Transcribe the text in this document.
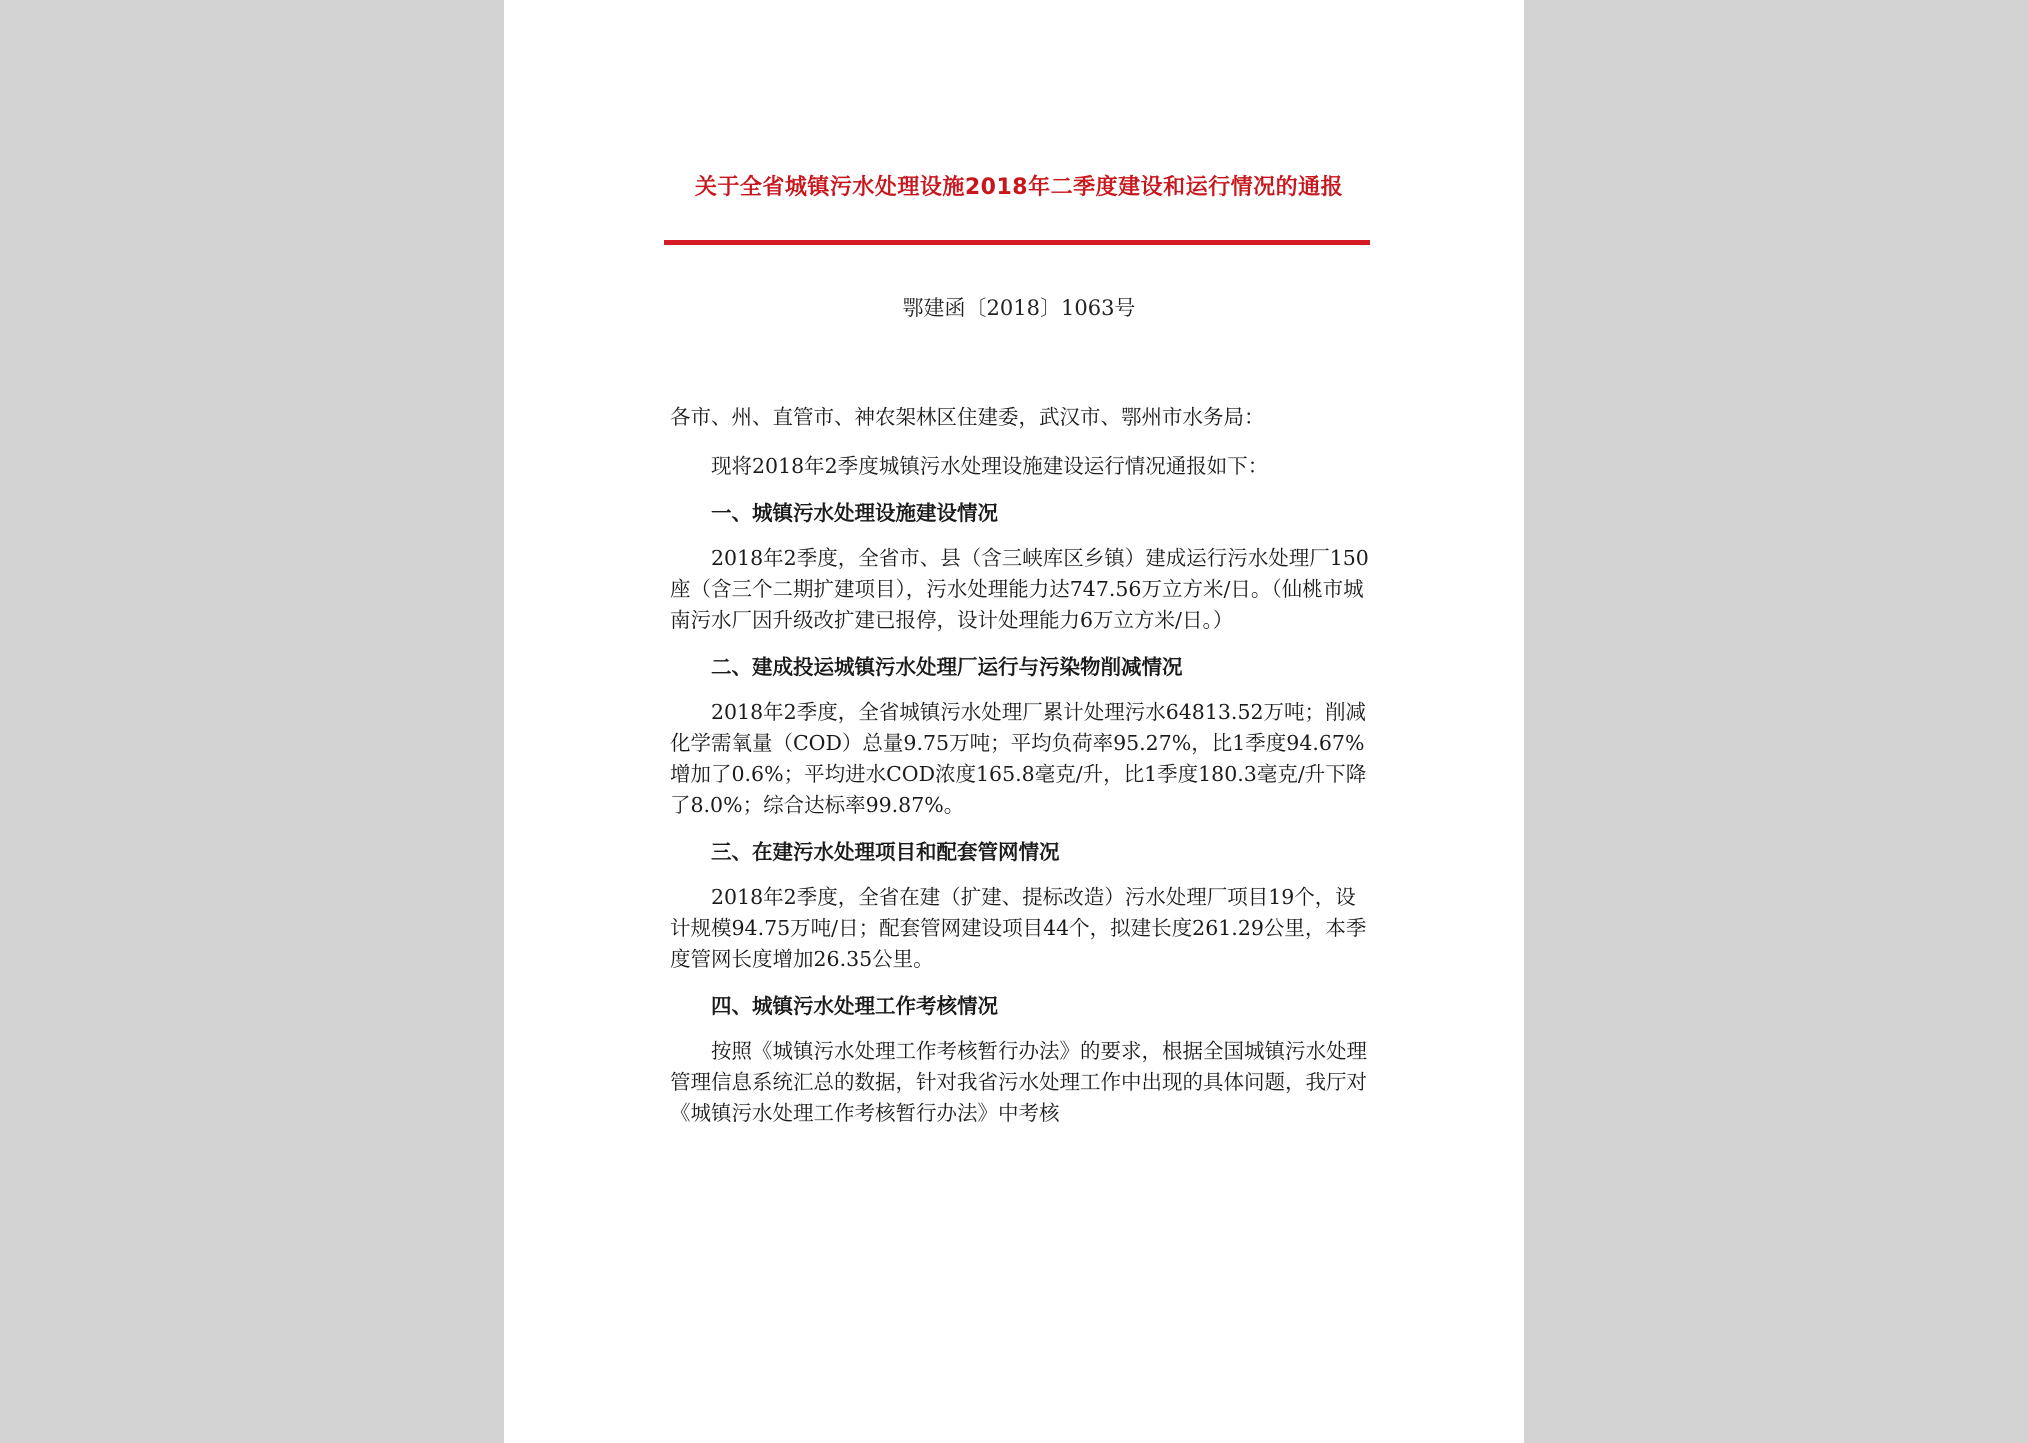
关于全省城镇污水处理设施2018年二季度建设和运行情况的通报
鄂建函〔2018〕1063号

各市、州、直管市、神农架林区住建委，武汉市、鄂州市水务局：

现将2018年2季度城镇污水处理设施建设运行情况通报如下：

一、城镇污水处理设施建设情况

2018年2季度，全省市、县（含三峡库区乡镇）建成运行污水处理厂150座（含三个二期扩建项目），污水处理能力达747.56万立方米/日。（仙桃市城南污水厂因升级改扩建已报停，设计处理能力6万立方米/日。）

二、建成投运城镇污水处理厂运行与污染物削减情况

2018年2季度，全省城镇污水处理厂累计处理污水64813.52万吨；削减化学需氧量（COD）总量9.75万吨；平均负荷率95.27%，比1季度94.67%增加了0.6%；平均进水COD浓度165.8毫克/升，比1季度180.3毫克/升下降了8.0%；综合达标率99.87%。

三、在建污水处理项目和配套管网情况

2018年2季度，全省在建（扩建、提标改造）污水处理厂项目19个，设计规模94.75万吨/日；配套管网建设项目44个，拟建长度261.29公里，本季度管网长度增加26.35公里。

四、城镇污水处理工作考核情况

按照《城镇污水处理工作考核暂行办法》的要求，根据全国城镇污水处理管理信息系统汇总的数据，针对我省污水处理工作中出现的具体问题，我厅对《城镇污水处理工作考核暂行办法》中考核
